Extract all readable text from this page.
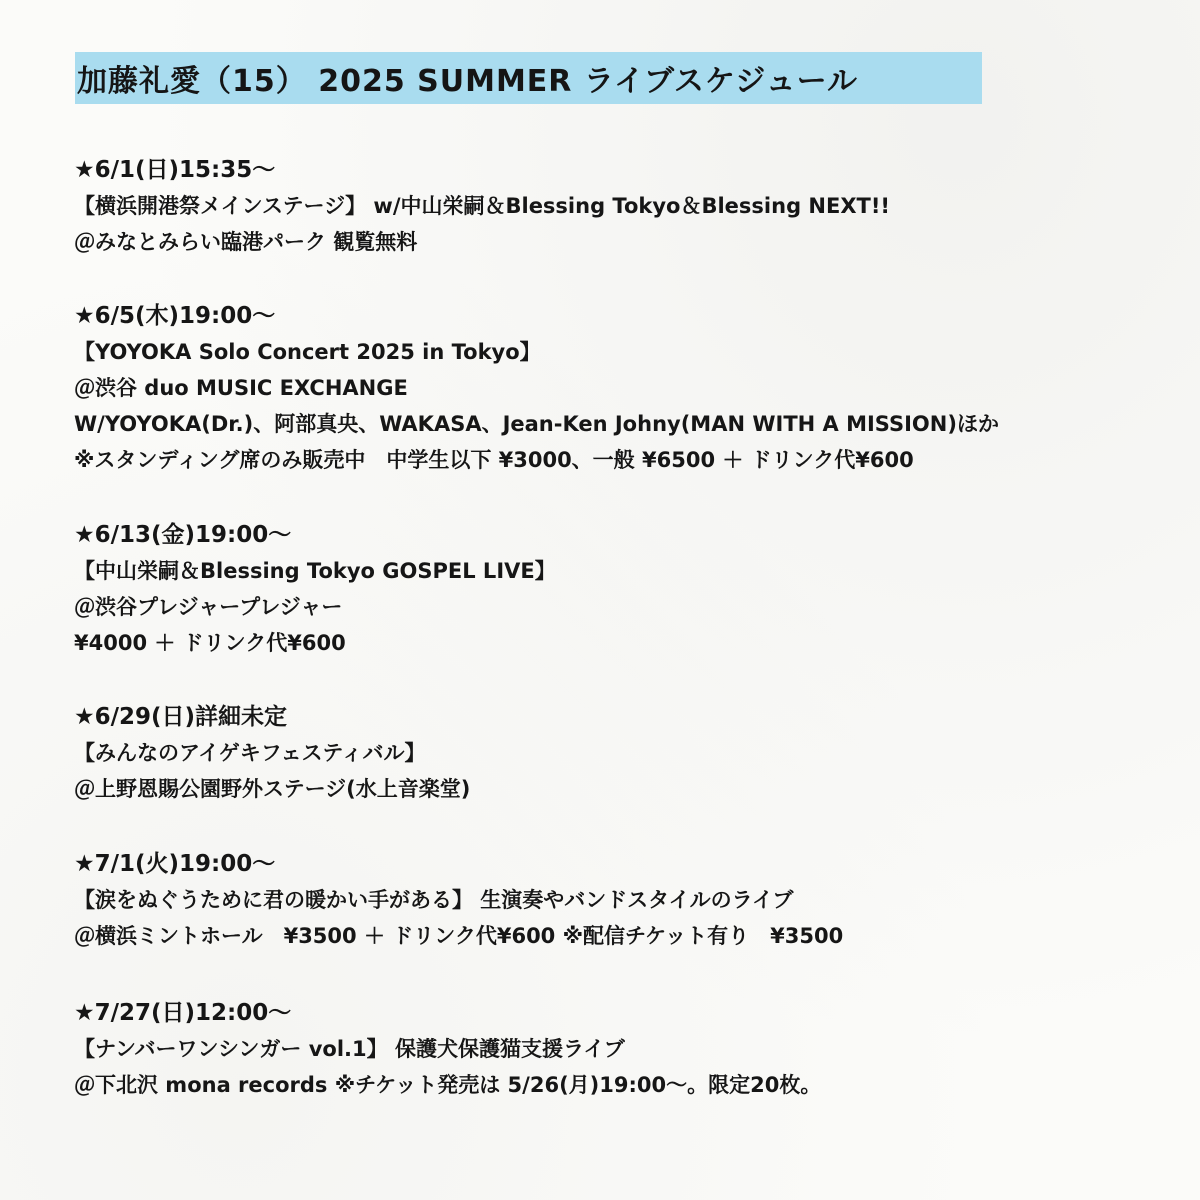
加藤礼愛（15） 2025 SUMMER ライブスケジュール
★6/1(日)15:35～
【横浜開港祭メインステージ】 w/中山栄嗣＆Blessing Tokyo＆Blessing NEXT!!
＠みなとみらい臨港パーク 観覧無料
★6/5(木)19:00～
【YOYOKA Solo Concert 2025 in Tokyo】
＠渋谷 duo MUSIC EXCHANGE
W/YOYOKA(Dr.)、阿部真央、WAKASA、Jean-Ken Johny(MAN WITH A MISSION)ほか
※スタンディング席のみ販売中　中学生以下 ¥3000、一般 ¥6500 ＋ ドリンク代¥600
★6/13(金)19:00～
【中山栄嗣＆Blessing Tokyo GOSPEL LIVE】
＠渋谷プレジャープレジャー
¥4000 ＋ ドリンク代¥600
★6/29(日)詳細未定
【みんなのアイゲキフェスティバル】
＠上野恩賜公園野外ステージ(水上音楽堂)
★7/1(火)19:00～
【涙をぬぐうために君の暖かい手がある】 生演奏やバンドスタイルのライブ
＠横浜ミントホール　¥3500 ＋ ドリンク代¥600 ※配信チケット有り　¥3500
★7/27(日)12:00～
【ナンバーワンシンガー vol.1】 保護犬保護猫支援ライブ
＠下北沢 mona records ※チケット発売は 5/26(月)19:00～。限定20枚。
